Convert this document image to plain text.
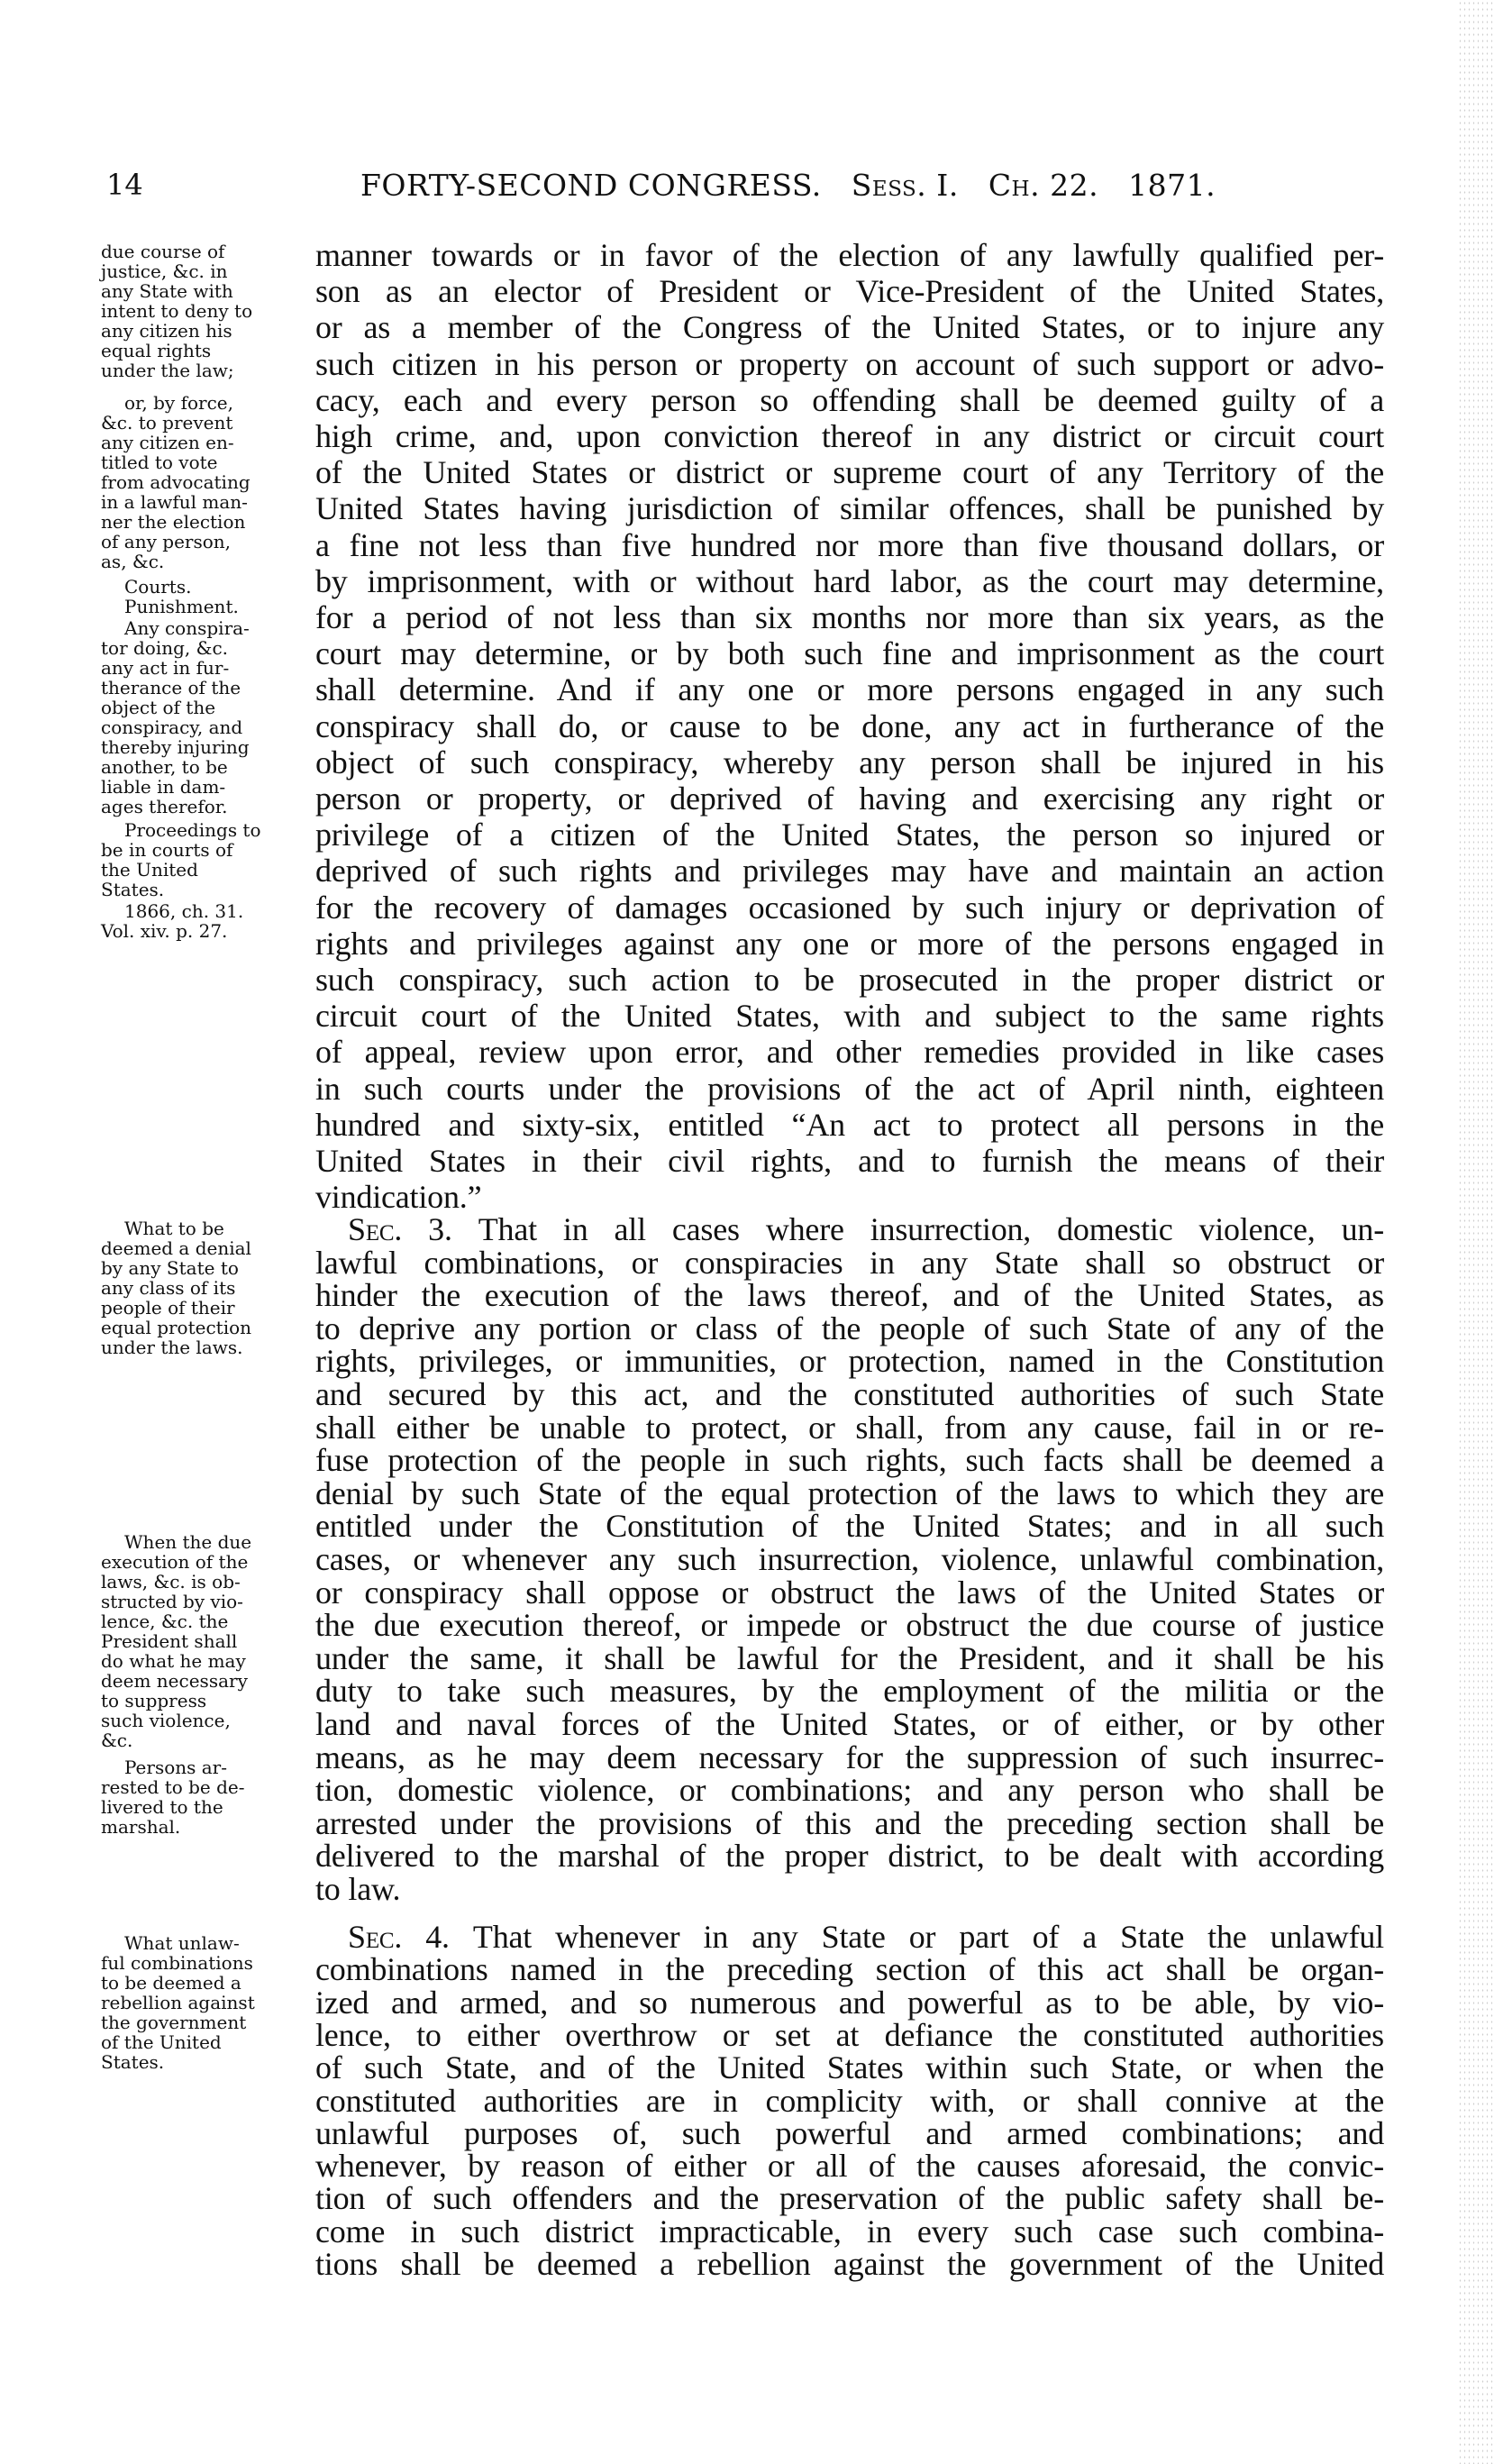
14	FORTY-SECOND CONGRESS. Sess. I. Ch. 22. 1871.
due course of
justice, &c. in
any State with
intent to deny to
any citizen his
equal rights
under the law;
or, by force,
&c. to prevent
any citizen en-
titled to vote
from advocating
in a lawful man-
ner the election
of any person,
as, &c.
Courts.
Punishment.
Any conspira-
tor doing, &c.
any act in fur-
therance of the
object of the
conspiracy, and
thereby injuring
another, to be
liable in dam-
ages therefor.
Proceedings to
be in courts of
the United
States.
1866, ch. 31.
Vol. xiv. p. 27.
What to be
deemed a denial
by any State to
any class of its
people of their
equal protection
under the laws.
When the due
execution of the
laws, &c. is ob-
structed by vio-
lence, &c. the
President shall
do what he may
deem necessary
to suppress
such violence,
&c.
Persons ar-
rested to be de-
livered to the
marshal.
What unlaw-
ful combinations
to be deemed a
rebellion against
the government
of the United
States.
manner towards or in favor of the election of any lawfully qualified per-
son as an elector of President or Vice-President of the United States,
or as a member of the Congress of the United States, or to injure any
such citizen in his person or property on account of such support or advo-
cacy, each and every person so offending shall be deemed guilty of a
high crime, and, upon conviction thereof in any district or circuit court
of the United States or district or supreme court of any Territory of the
United States having jurisdiction of similar offences, shall be punished by
a fine not less than five hundred nor more than five thousand dollars, or
by imprisonment, with or without hard labor, as the court may determine,
for a period of not less than six months nor more than six years, as the
court may determine, or by both such fine and imprisonment as the court
shall determine. And if any one or more persons engaged in any such
conspiracy shall do, or cause to be done, any act in furtherance of the
object of such conspiracy, whereby any person shall be injured in his
person or property, or deprived of having and exercising any right or
privilege of a citizen of the United States, the person so injured or
deprived of such rights and privileges may have and maintain an action
for the recovery of damages occasioned by such injury or deprivation of
rights and privileges against any one or more of the persons engaged in
such conspiracy, such action to be prosecuted in the proper district or
circuit court of the United States, with and subject to the same rights
of appeal, review upon error, and other remedies provided in like cases
in such courts under the provisions of the act of April ninth, eighteen
hundred and sixty-six, entitled “An act to protect all persons in the
United States in their civil rights, and to furnish the means of their
vindication.”
Sec. 3. That in all cases where insurrection, domestic violence, un-
lawful combinations, or conspiracies in any State shall so obstruct or
hinder the execution of the laws thereof, and of the United States, as
to deprive any portion or class of the people of such State of any of the
rights, privileges, or immunities, or protection, named in the Constitution
and secured by this act, and the constituted authorities of such State
shall either be unable to protect, or shall, from any cause, fail in or re-
fuse protection of the people in such rights, such facts shall be deemed a
denial by such State of the equal protection of the laws to which they are
entitled under the Constitution of the United States; and in all such
cases, or whenever any such insurrection, violence, unlawful combination,
or conspiracy shall oppose or obstruct the laws of the United States or
the due execution thereof, or impede or obstruct the due course of justice
under the same, it shall be lawful for the President, and it shall be his
duty to take such measures, by the employment of the militia or the
land and naval forces of the United States, or of either, or by other
means, as he may deem necessary for the suppression of such insurrec-
tion, domestic violence, or combinations; and any person who shall be
arrested under the provisions of this and the preceding section shall be
delivered to the marshal of the proper district, to be dealt with according
to law.
Sec. 4. That whenever in any State or part of a State the unlawful
combinations named in the preceding section of this act shall be organ-
ized and armed, and so numerous and powerful as to be able, by vio-
lence, to either overthrow or set at defiance the constituted authorities
of such State, and of the United States within such State, or when the
constituted authorities are in complicity with, or shall connive at the
unlawful purposes of, such powerful and armed combinations; and
whenever, by reason of either or all of the causes aforesaid, the convic-
tion of such offenders and the preservation of the public safety shall be-
come in such district impracticable, in every such case such combina-
tions shall be deemed a rebellion against the government of the United
